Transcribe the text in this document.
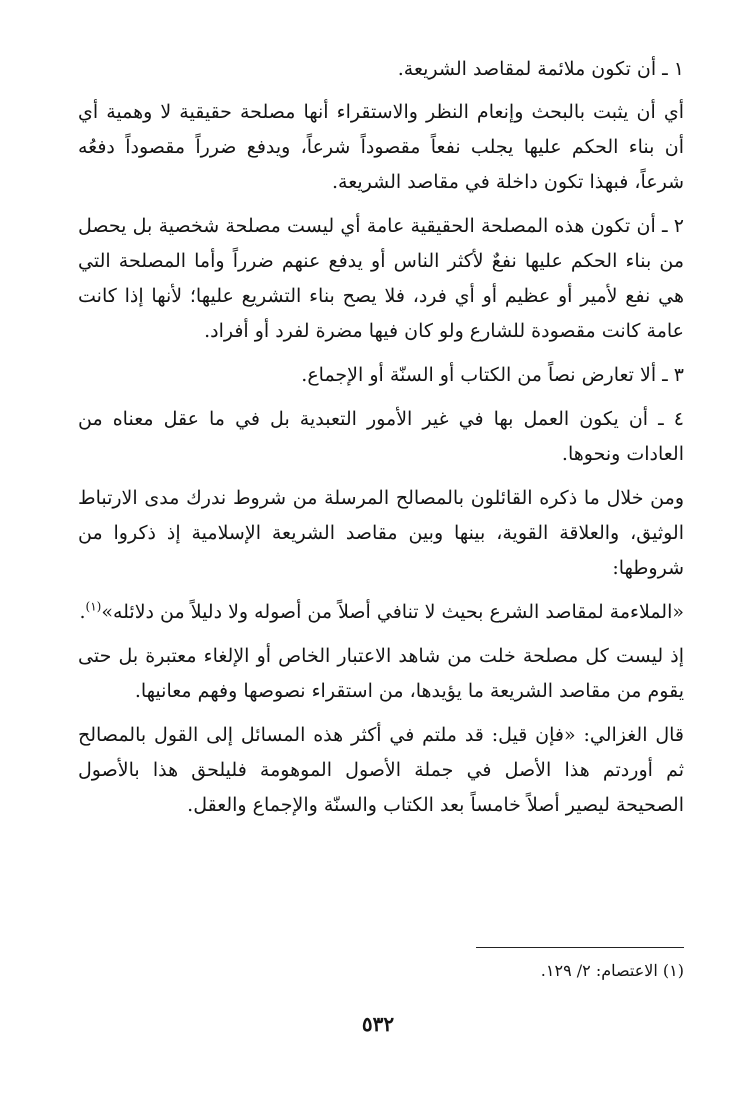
١ ـ أن تكون ملائمة لمقاصد الشريعة.

أي أن يثبت بالبحث وإنعام النظر والاستقراء أنها مصلحة حقيقية لا وهمية أي أن بناء الحكم عليها يجلب نفعاً مقصوداً شرعاً، ويدفع ضرراً مقصوداً دفعُه شرعاً، فبهذا تكون داخلة في مقاصد الشريعة.

٢ ـ أن تكون هذه المصلحة الحقيقية عامة أي ليست مصلحة شخصية بل يحصل من بناء الحكم عليها نفعٌ لأكثر الناس أو يدفع عنهم ضرراً وأما المصلحة التي هي نفع لأمير أو عظيم أو أي فرد، فلا يصح بناء التشريع عليها؛ لأنها إذا كانت عامة كانت مقصودة للشارع ولو كان فيها مضرة لفرد أو أفراد.

٣ ـ ألا تعارض نصاً من الكتاب أو السنّة أو الإجماع.

٤ ـ أن يكون العمل بها في غير الأمور التعبدية بل في ما عقل معناه من العادات ونحوها.

ومن خلال ما ذكره القائلون بالمصالح المرسلة من شروط ندرك مدى الارتباط الوثيق، والعلاقة القوية، بينها وبين مقاصد الشريعة الإسلامية إذ ذكروا من شروطها:

«الملاءمة لمقاصد الشرع بحيث لا تنافي أصلاً من أصوله ولا دليلاً من دلائله»$^{(١)}$.

إذ ليست كل مصلحة خلت من شاهد الاعتبار الخاص أو الإلغاء معتبرة بل حتى يقوم من مقاصد الشريعة ما يؤيدها، من استقراء نصوصها وفهم معانيها.

قال الغزالي: «فإن قيل: قد ملتم في أكثر هذه المسائل إلى القول بالمصالح ثم أوردتم هذا الأصل في جملة الأصول الموهومة فليلحق هذا بالأصول الصحيحة ليصير أصلاً خامساً بعد الكتاب والسنّة والإجماع والعقل.

(١) الاعتصام: ٢/ ١٢٩.
٥٣٢
